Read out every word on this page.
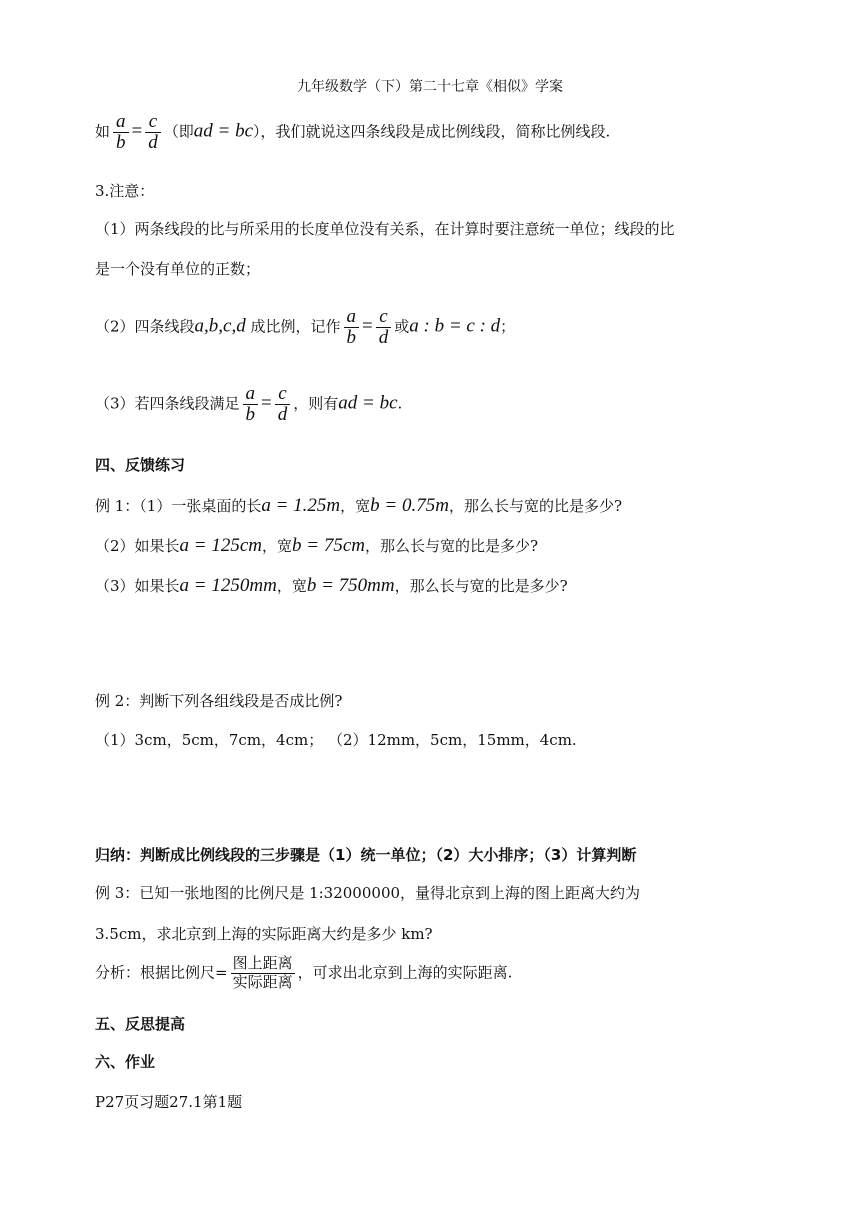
九年级数学（下）第二十七章《相似》学案
如 $\frac{a}{b} = \frac{c}{d}$ （即ad = bc），我们就说这四条线段是成比例线段，简称比例线段.
3.注意：
（1）两条线段的比与所采用的长度单位没有关系，在计算时要注意统一单位；线段的比
是一个没有单位的正数；
（2）四条线段a,b,c,d 成比例，记作 $\frac{a}{b} = \frac{c}{d}$ 或a : b = c : d；
（3）若四条线段满足 $\frac{a}{b} = \frac{c}{d}$ ，则有ad = bc.
四、反馈练习
例 1：（1）一张桌面的长a = 1.25m，宽b = 0.75m，那么长与宽的比是多少?
（2）如果长a = 125cm，宽b = 75cm，那么长与宽的比是多少?
（3）如果长a = 1250mm，宽b = 750mm，那么长与宽的比是多少?
例 2：判断下列各组线段是否成比例?
（1）3cm，5cm，7cm，4cm； （2）12mm，5cm，15mm，4cm.
归纳：判断成比例线段的三步骤是（1）统一单位；（2）大小排序；（3）计算判断
例 3：已知一张地图的比例尺是 1:32000000，量得北京到上海的图上距离大约为
3.5cm，求北京到上海的实际距离大约是多少 km?
分析：根据比例尺= $\frac{\text{图上距离}}{\text{实际距离}}$ ，可求出北京到上海的实际距离.
五、反思提高
六、作业
P27页习题27.1第1题
